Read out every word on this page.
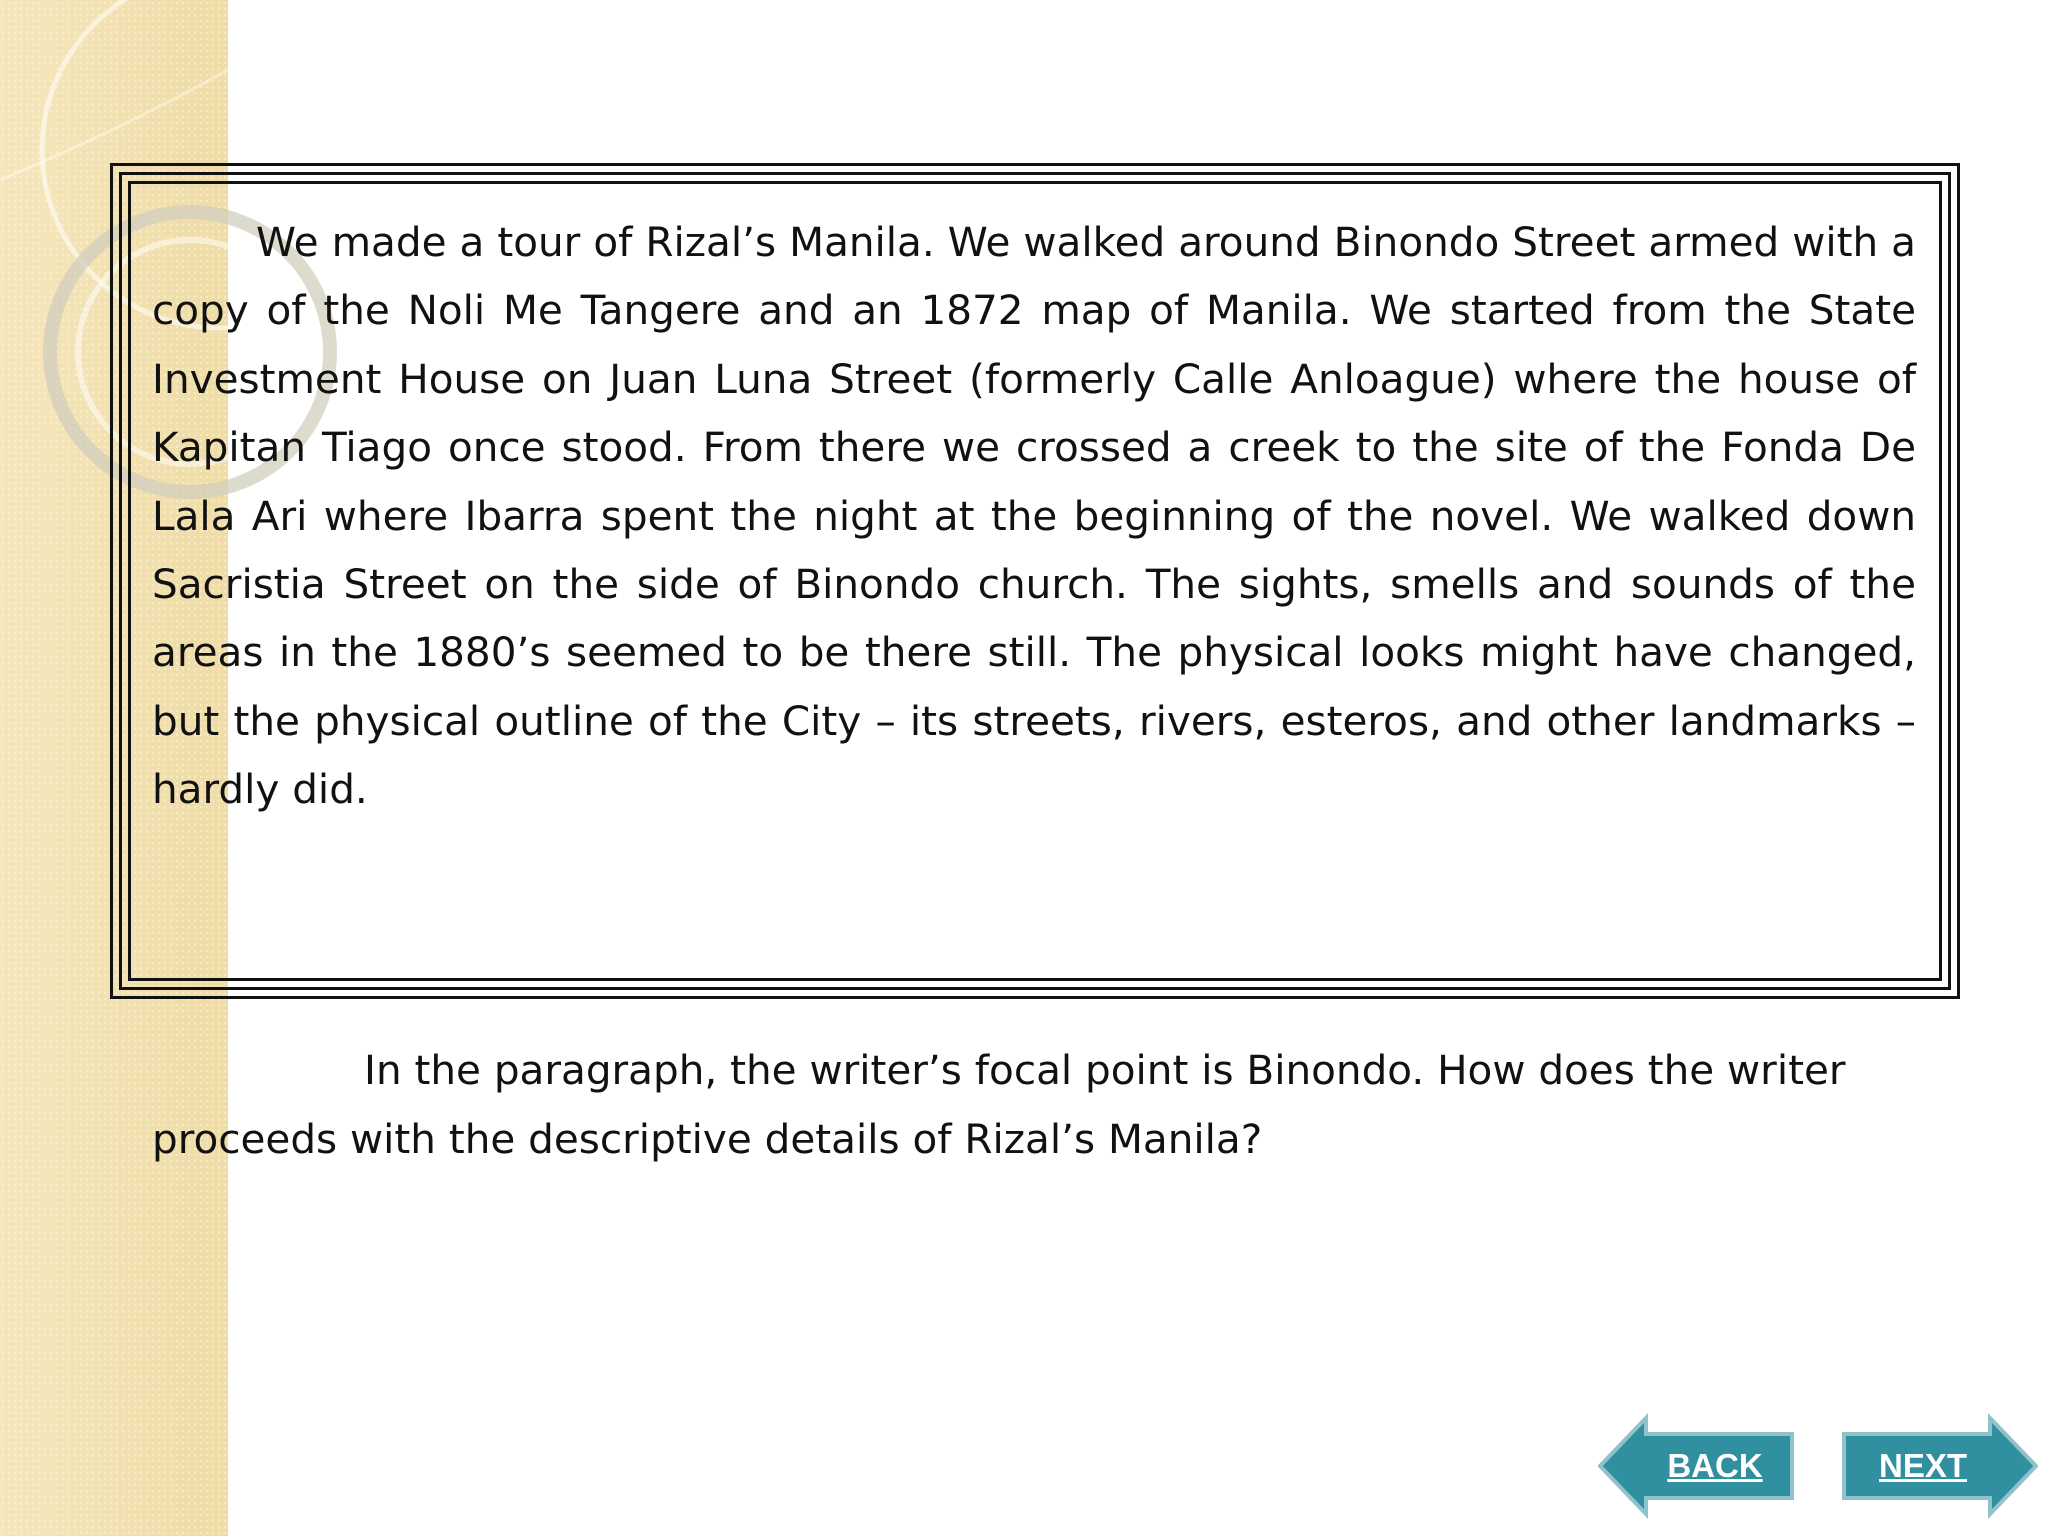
We made a tour of Rizal’s Manila. We walked around Binondo Street armed with a copy of the Noli Me Tangere and an 1872 map of Manila. We started from the State Investment House on Juan Luna Street (formerly Calle Anloague) where the house of Kapitan Tiago once stood. From there we crossed a creek to the site of the Fonda De Lala Ari where Ibarra spent the night at the beginning of the novel. We walked down Sacristia Street on the side of Binondo church. The sights, smells and sounds of the areas in the 1880’s seemed to be there still. The physical looks might have changed, but the physical outline of the City – its streets, rivers, esteros, and other landmarks – hardly did.

In the paragraph, the writer’s focal point is Binondo. How does the writer proceeds with the descriptive details of Rizal’s Manila?

BACK	NEXT
